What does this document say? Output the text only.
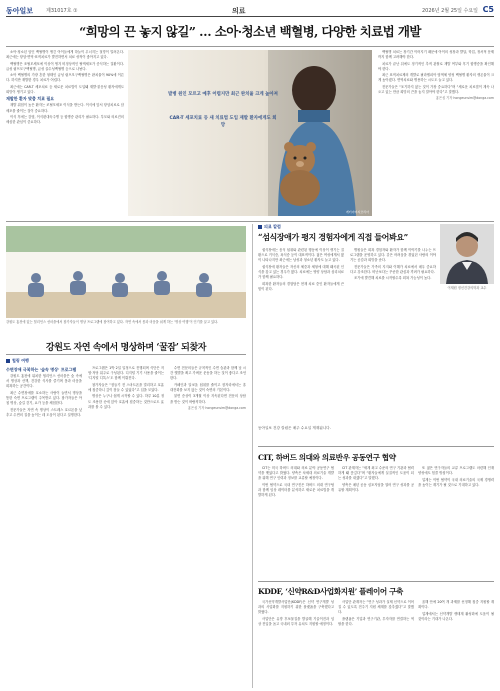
동아일보	제31017호 ①	의료	2026년 2월 25일 수요일 C5
“희망의 끈 놓지 않길” … 소아·청소년 백혈병, 다양한 치료법 개발

소아·청소년 암인 백혈병이 생긴 아이들에게 하늘이 무너지는 절망이 밀려온다. 최근에는 항암·면역·표적치료가 발전하면서 치료 성적이 좋아지고 있다.

백혈병은 조혈모세포에 이상이 생겨 비정상적인 혈액세포가 증식하는 질환이다. 급성 림프모구백혈병, 급성 골수성백혈병 등으로 나뉜다.

소아 백혈병의 가장 흔한 형태인 급성 림프모구백혈병은 완치율이 90%에 이른다. 하지만 재발한 경우 치료가 어렵다.

최근에는 CAR-T 세포치료 등 새로운 치료법이 도입돼 재발·불응성 환자에게도 희망이 생기고 있다.

재발한 환자 맞춤 치료 필요

재발 위험이 높은 환자는 조혈모세포 이식을 받는다. 이식에 앞서 항암치료로 암세포를 줄이는 것이 중요하다.

이식 후에는 감염, 이식편대숙주병 등 합병증 관리가 필요하다. 부모와 의료진의 세심한 관심이 중요하다.

발병 원인 모르고 예후 어렵지만 최근 완치율 크게 높아져
CAR-T 세포치료 등 새 치료법 도입 재발 환자에게도 희망
게티이미지코리아

백혈병 치료는 장기간 이어지기 때문에 아이의 성장과 발달, 학업, 정서적 문제까지 함께 고려해야 한다.

치료가 끝난 뒤에도 정기적인 추적 관찰로 재발 여부와 후기 합병증을 확인해야 한다.

최근 표적치료제의 개발로 필라델피아 염색체 양성 백혈병 환자의 생존율이 크게 높아졌다. 면역치료와 병용하는 시도도 늘고 있다.

전문가들은 “포기하지 않는 것이 가장 중요하다”며 “새로운 치료법이 계속 나오고 있는 만큼 희망의 끈을 놓지 말아야 한다”고 말했다.

홍은심 기자 hongeunsim@donga.com
강원도 홍천에 있는 힐리언스 선마을에서 참가자들이 명상 프로그램에 참여하고 있다. 자연 속에서 몸과 마음을 쉬게 하는 ‘명상 여행’이 인기를 끌고 있다.
강원도 자연 속에서 명상하며 ‘꿀잠’ 되찾자
힐링 여행
수면장애 극복하는 ‘숲속 명상’ 프로그램

강원도 홍천에 위치한 힐리언스 선마을은 숲 속에서 명상과 산책, 건강한 식사를 즐기며 몸과 마음을 회복하는 공간이다.

최근 수면장애를 호소하는 사람이 늘면서 명상을 통한 숙면 프로그램이 주목받고 있다. 참가자들은 아침 명상, 숲길 걷기, 요가 등을 체험한다.

전문가들은 자연 속 명상이 스트레스 호르몬을 낮추고 수면의 질을 높이는 데 도움이 된다고 설명한다.

프로그램은 1박 2일 일정으로 진행되며 식단은 저염·저당 위주로 구성된다. 디지털 기기 사용을 줄이는 ‘디지털 디톡스’도 함께 이뤄진다.

참가자들은 “잠들기 전 스마트폰을 멀리하고 호흡에 집중하니 깊이 잠들 수 있었다”고 입을 모았다.

명상은 누구나 쉽게 시작할 수 있다. 하루 10분 정도 조용한 곳에 앉아 호흡에 집중하는 것만으로도 효과를 볼 수 있다.

수면 전문의들은 규칙적인 수면 습관과 함께 낮 시간 햇볕을 쬐고 가벼운 운동을 하는 것이 좋다고 조언한다.

카페인과 알코올 섭취를 줄이고 잠자리에서는 휴대전화를 보지 않는 것이 숙면의 기본이다.

불면 증상이 3개월 이상 지속된다면 전문의 상담을 받는 것이 바람직하다.

홍은심 기자 hongeunsim@donga.com
의료 칼럼
“섬식장애가 평지 경험자에게 직접 들어봐요”

섭식장애는 음식 섭취와 관련된 행동에 이상이 생기는 질환으로 거식증, 폭식증 등이 대표적이다. 젊은 여성에게서 많이 나타나지만 최근에는 남성과 청소년 환자도 늘고 있다.

섭식장애 환자들은 자신의 체중과 체형에 대해 왜곡된 인식을 갖고 있는 경우가 많다. 치료에는 영양 상담과 심리치료가 함께 필요하다.

회복한 환자들의 경험담은 현재 치료 중인 환자들에게 큰 힘이 된다.

병원들은 회복 경험자와 환자가 함께 이야기를 나누는 프로그램을 운영하고 있다. 같은 어려움을 겪었던 사람의 이야기는 공감과 희망을 준다.

전문가들은 가족의 지지와 이해가 치료에서 매우 중요하다고 강조한다. 비난보다는 꾸준한 관심과 격려가 필요하다.

조기에 발견해 치료를 시작할수록 회복 가능성이 높다.

이재원 정신건강의학과 교수
동아일보 건강 칼럼은 매주 수요일 게재됩니다.
CIT, 하버드 의대와 의료반우 공동연구 협약

CIT는 미국 하버드 의대와 의료 분야 공동연구 협약을 맺었다고 밝혔다. 양측은 차세대 의료기술 개발을 위해 연구 인력과 정보를 교류할 예정이다.

이번 협약으로 국내 연구진은 하버드 의대 연구팀과 함께 임상 데이터를 분석하고 새로운 치료법을 개발하게 된다.

CIT 관계자는 “세계 최고 수준의 연구 기관과 협력하게 돼 뜻깊다”며 “환자들에게 실질적인 도움이 되는 성과를 내겠다”고 말했다.

양측은 매년 공동 심포지엄을 열어 연구 성과를 공유할 계획이다.

또 젊은 연구자들의 교류 프로그램도 마련해 인재 양성에도 힘쓸 방침이다.

업계는 이번 협약이 국내 의료기술의 국제 경쟁력을 높이는 계기가 될 것으로 기대하고 있다.

KDDF, ‘신약R&D사업화지원’ 플레이어 구축

국가신약개발사업단(KDDF)은 신약 연구개발 성과의 사업화를 지원하기 위한 플랫폼을 구축했다고 밝혔다.

사업단은 유망 후보물질을 발굴해 기술이전과 임상 진입을 돕고 국내외 투자 유치도 지원할 예정이다.

사업단 관계자는 “연구 성과가 실제 신약으로 이어질 수 있도록 전주기 지원 체계를 갖추겠다”고 말했다.

플랫폼은 기업과 연구기관, 투자자를 연결하는 역할을 한다.

올해 안에 20여 개 과제를 선정해 집중 지원할 계획이다.

업계에서는 신약개발 생태계 활성화에 도움이 될 것이라는 기대가 나온다.
